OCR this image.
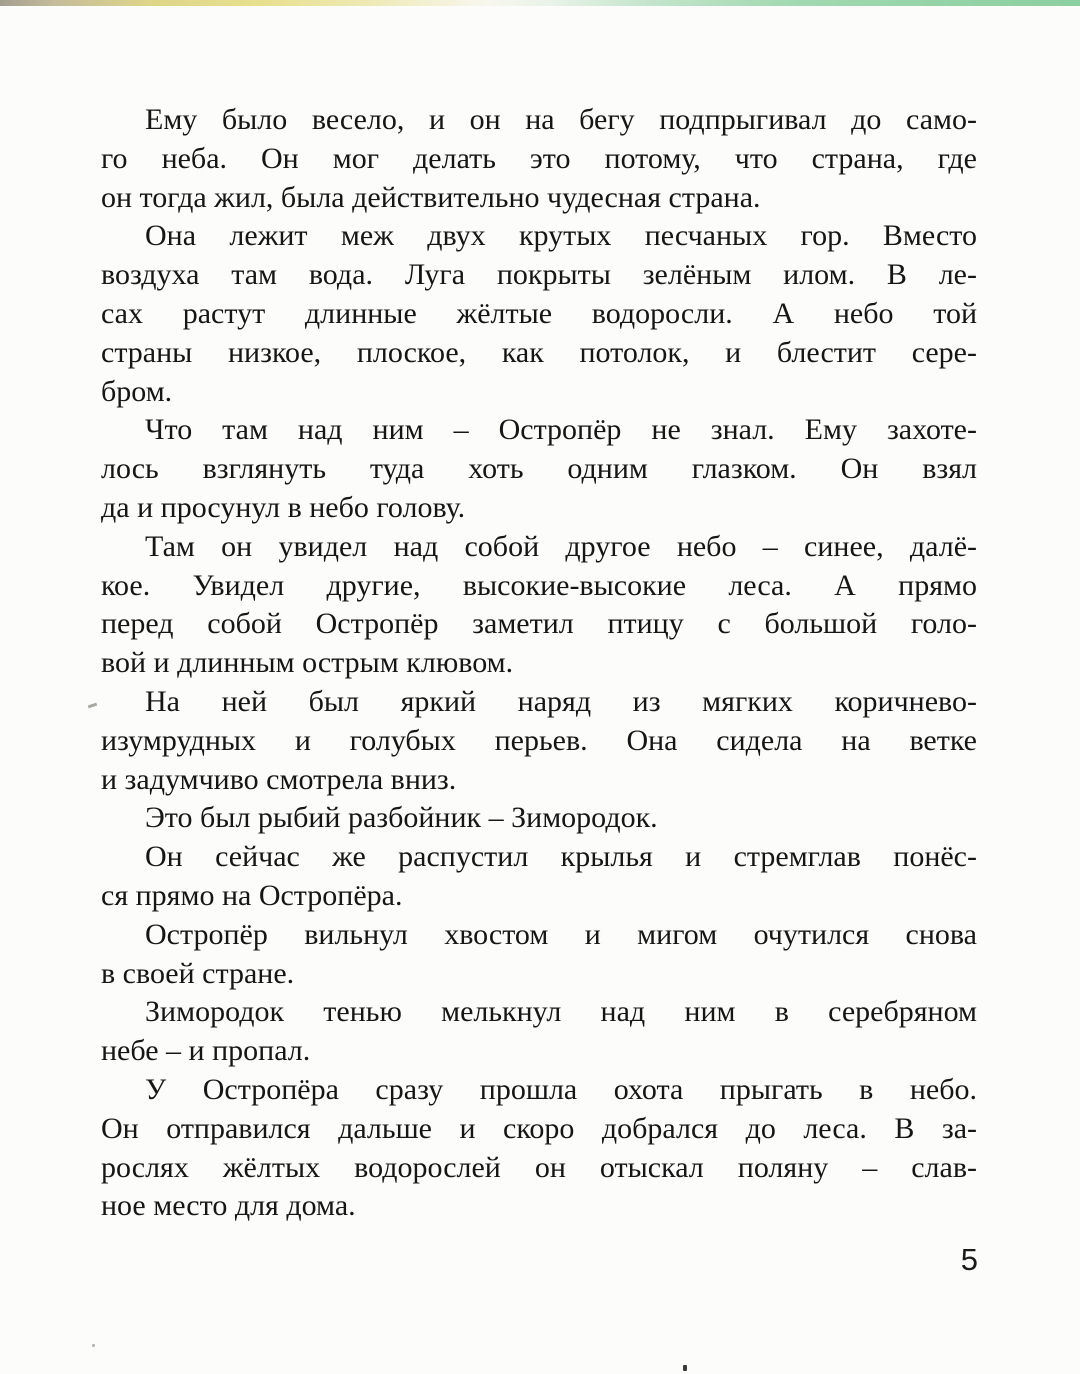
Ему было весело, и он на бегу подпрыгивал до само-
го неба. Он мог делать это потому, что страна, где
он тогда жил, была действительно чудесная страна.
Она лежит меж двух крутых песчаных гор. Вместо
воздуха там вода. Луга покрыты зелёным илом. В ле-
сах растут длинные жёлтые водоросли. А небо той
страны низкое, плоское, как потолок, и блестит сере-
бром.
Что там над ним – Остропёр не знал. Ему захоте-
лось взглянуть туда хоть одним глазком. Он взял
да и просунул в небо голову.
Там он увидел над собой другое небо – синее, далё-
кое. Увидел другие, высокие-высокие леса. А прямо
перед собой Остропёр заметил птицу с большой голо-
вой и длинным острым клювом.
На ней был яркий наряд из мягких коричнево-
изумрудных и голубых перьев. Она сидела на ветке
и задумчиво смотрела вниз.
Это был рыбий разбойник – Зимородок.
Он сейчас же распустил крылья и стремглав понёс-
ся прямо на Остропёра.
Остропёр вильнул хвостом и мигом очутился снова
в своей стране.
Зимородок тенью мелькнул над ним в серебряном
небе – и пропал.
У Остропёра сразу прошла охота прыгать в небо.
Он отправился дальше и скоро добрался до леса. В за-
рослях жёлтых водорослей он отыскал поляну – слав-
ное место для дома.
5
